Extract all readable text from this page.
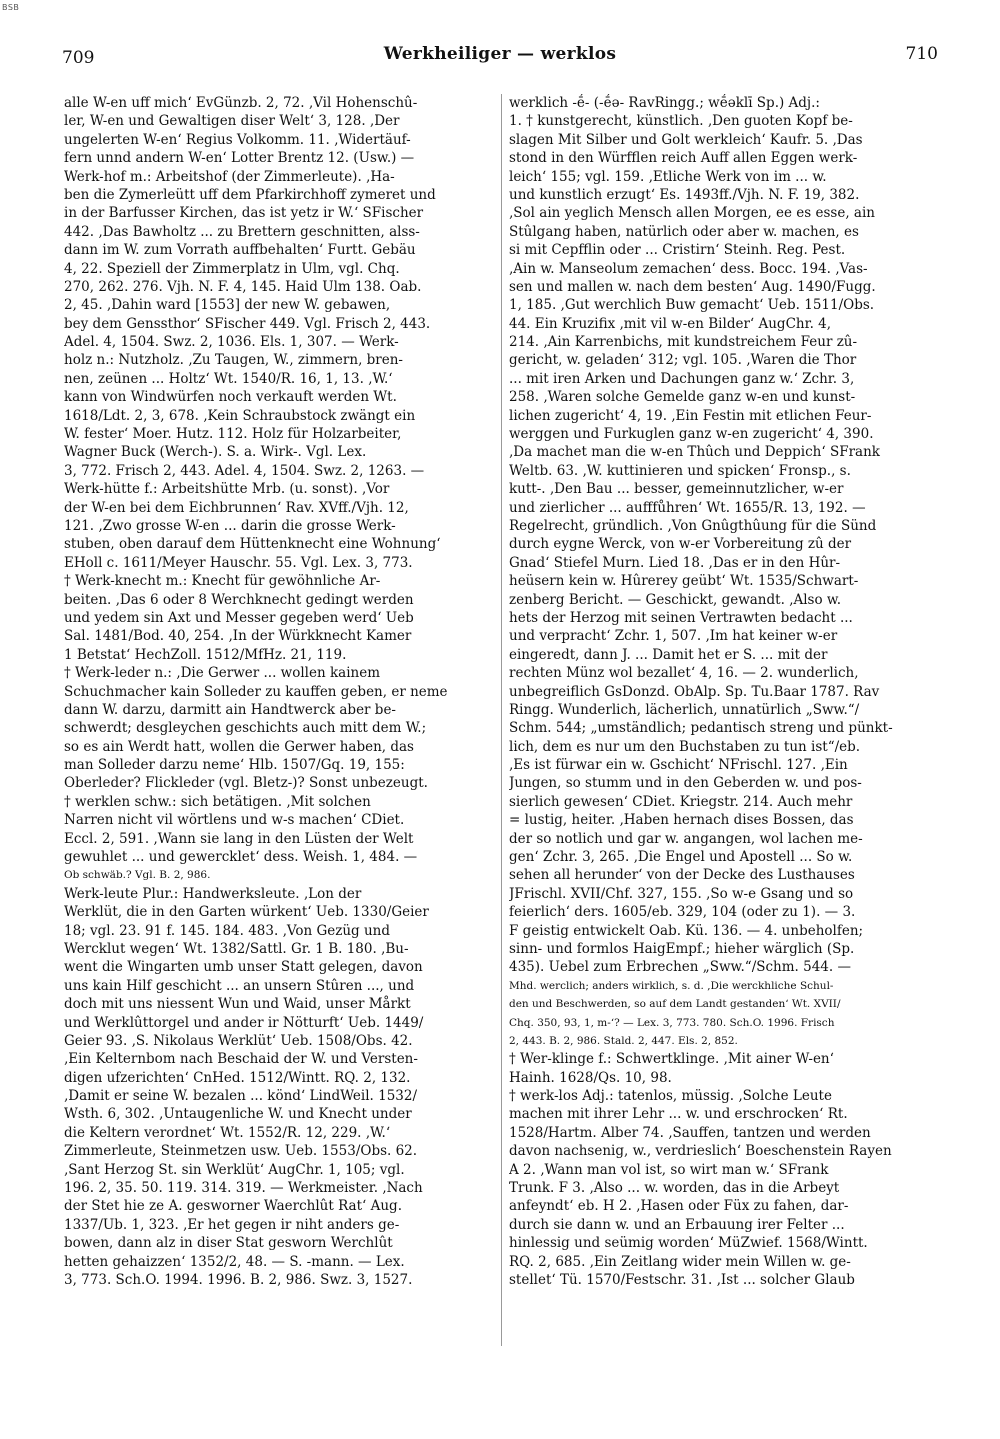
BSB
709	Werkheiliger — werklos	710
alle W-en uff mich‘ EvGünzb. 2, 72. ‚Vil Hohenschû-
ler, W-en und Gewaltigen diser Welt‘ 3, 128. ‚Der
ungelerten W-en‘ Regius Volkomm. 11. ‚Widertäuf-
fern unnd andern W-en‘ Lotter Brentz 12. (Usw.) —
Werk-hof m.: Arbeitshof (der Zimmerleute). ‚Ha-
ben die Zymerleütt uff dem Pfarkirchhoff zymeret und
in der Barfusser Kirchen, das ist yetz ir W.‘ SFischer
442. ‚Das Bawholtz ... zu Brettern geschnitten, alss-
dann im W. zum Vorrath auffbehalten‘ Furtt. Gebäu
4, 22. Speziell der Zimmerplatz in Ulm, vgl. Chq.
270, 262. 276. Vjh. N. F. 4, 145. Haid Ulm 138. Oab.
2, 45. ‚Dahin ward [1553] der new W. gebawen,
bey dem Genssthor‘ SFischer 449. Vgl. Frisch 2, 443.
Adel. 4, 1504. Swz. 2, 1036. Els. 1, 307. — Werk-
holz n.: Nutzholz. ‚Zu Taugen, W., zimmern, bren-
nen, zeünen ... Holtz‘ Wt. 1540/R. 16, 1, 13. ‚W.‘
kann von Windwürfen noch verkauft werden Wt.
1618/Ldt. 2, 3, 678. ‚Kein Schraubstock zwängt ein
W. fester‘ Moer. Hutz. 112. Holz für Holzarbeiter,
Wagner Buck (Werch-). S. a. Wirk-. Vgl. Lex.
3, 772. Frisch 2, 443. Adel. 4, 1504. Swz. 2, 1263. —
Werk-hütte f.: Arbeitshütte Mrb. (u. sonst). ‚Vor
der W-en bei dem Eichbrunnen‘ Rav. XVff./Vjh. 12,
121. ‚Zwo grosse W-en ... darin die grosse Werk-
stuben, oben darauf dem Hüttenknecht eine Wohnung‘
EHoll c. 1611/Meyer Hauschr. 55. Vgl. Lex. 3, 773.
† Werk-knecht m.: Knecht für gewöhnliche Ar-
beiten. ‚Das 6 oder 8 Werchknecht gedingt werden
und yedem sin Axt und Messer gegeben werd‘ Ueb
Sal. 1481/Bod. 40, 254. ‚In der Würkknecht Kamer
1 Betstat‘ HechZoll. 1512/MfHz. 21, 119.
† Werk-leder n.: ‚Die Gerwer ... wollen kainem
Schuchmacher kain Solleder zu kauffen geben, er neme
dann W. darzu, darmitt ain Handtwerck aber be-
schwerdt; desgleychen geschichts auch mitt dem W.;
so es ain Werdt hatt, wollen die Gerwer haben, das
man Solleder darzu neme‘ Hlb. 1507/Gq. 19, 155:
Oberleder? Flickleder (vgl. Bletz-)? Sonst unbezeugt.
† werklen schw.: sich betätigen. ‚Mit solchen
Narren nicht vil wörtlens und w-s machen‘ CDiet.
Eccl. 2, 591. ‚Wann sie lang in den Lüsten der Welt
gewuhlet ... und gewercklet‘ dess. Weish. 1, 484. —
Ob schwäb.? Vgl. B. 2, 986.
Werk-leute Plur.: Handwerksleute. ‚Lon der
Werklüt, die in den Garten würkent‘ Ueb. 1330/Geier
18; vgl. 23. 91 f. 145. 184. 483. ‚Von Gezüg und
Wercklut wegen‘ Wt. 1382/Sattl. Gr. 1 B. 180. ‚Bu-
went die Wingarten umb unser Statt gelegen, davon
uns kain Hilf geschicht ... an unsern Stûren ..., und
doch mit uns niessent Wun und Waid, unser Mårkt
und Werklûttorgel und ander ir Nötturft‘ Ueb. 1449/
Geier 93. ‚S. Nikolaus Werklüt‘ Ueb. 1508/Obs. 42.
‚Ein Kelternbom nach Beschaid der W. und Versten-
digen ufzerichten‘ CnHed. 1512/Wintt. RQ. 2, 132.
‚Damit er seine W. bezalen ... könd‘ LindWeil. 1532/
Wsth. 6, 302. ‚Untaugenliche W. und Knecht under
die Keltern verordnet‘ Wt. 1552/R. 12, 229. ‚W.‘
Zimmerleute, Steinmetzen usw. Ueb. 1553/Obs. 62.
‚Sant Herzog St. sin Werklüt‘ AugChr. 1, 105; vgl.
196. 2, 35. 50. 119. 314. 319. — Werkmeister. ‚Nach
der Stet hie ze A. gesworner Waerchlût Rat‘ Aug.
1337/Ub. 1, 323. ‚Er het gegen ir niht anders ge-
bowen, dann alz in diser Stat gesworn Werchlût
hetten gehaizzen‘ 1352/2, 48. — S. -mann. — Lex.
3, 773. Sch.O. 1994. 1996. B. 2, 986. Swz. 3, 1527.
werklich -ḗ- (-ḗə- RavRingg.; wḗəklī Sp.) Adj.:
1. † kunstgerecht, künstlich. ‚Den guoten Kopf be-
slagen Mit Silber und Golt werkleich‘ Kaufr. 5. ‚Das
stond in den Würfflen reich Auff allen Eggen werk-
leich‘ 155; vgl. 159. ‚Etliche Werk von im ... w.
und kunstlich erzugt‘ Es. 1493ff./Vjh. N. F. 19, 382.
‚Sol ain yeglich Mensch allen Morgen, ee es esse, ain
Stûlgang haben, natürlich oder aber w. machen, es
si mit Cepfflin oder ... Cristirn‘ Steinh. Reg. Pest.
‚Ain w. Manseolum zemachen‘ dess. Bocc. 194. ‚Vas-
sen und mallen w. nach dem besten‘ Aug. 1490/Fugg.
1, 185. ‚Gut werchlich Buw gemacht‘ Ueb. 1511/Obs.
44. Ein Kruzifix ‚mit vil w-en Bilder‘ AugChr. 4,
214. ‚Ain Karrenbichs, mit kundstreichem Feur zû-
gericht, w. geladen‘ 312; vgl. 105. ‚Waren die Thor
... mit iren Arken und Dachungen ganz w.‘ Zchr. 3,
258. ‚Waren solche Gemelde ganz w-en und kunst-
lichen zugericht‘ 4, 19. ‚Ein Festin mit etlichen Feur-
werggen und Furkuglen ganz w-en zugericht‘ 4, 390.
‚Da machet man die w-en Thûch und Deppich‘ SFrank
Weltb. 63. ‚W. kuttinieren und spicken‘ Fronsp., s.
kutt-. ‚Den Bau ... besser, gemeinnutzlicher, w-er
und zierlicher ... aufffůhren‘ Wt. 1655/R. 13, 192. —
Regelrecht, gründlich. ‚Von Gnûgthûung für die Sünd
durch eygne Werck, von w-er Vorbereitung zû der
Gnad‘ Stiefel Murn. Lied 18. ‚Das er in den Hûr-
heüsern kein w. Hûrerey geübt‘ Wt. 1535/Schwart-
zenberg Bericht. — Geschickt, gewandt. ‚Also w.
hets der Herzog mit seinen Vertrawten bedacht ...
und verpracht‘ Zchr. 1, 507. ‚Im hat keiner w-er
eingeredt, dann J. ... Damit het er S. ... mit der
rechten Münz wol bezallet‘ 4, 16. — 2. wunderlich,
unbegreiflich GsDonzd. ObAlp. Sp. Tu.Baar 1787. Rav
Ringg. Wunderlich, lächerlich, unnatürlich „Sww.“/
Schm. 544; „umständlich; pedantisch streng und pünkt-
lich, dem es nur um den Buchstaben zu tun ist“/eb.
‚Es ist fürwar ein w. Gschicht‘ NFrischl. 127. ‚Ein
Jungen, so stumm und in den Geberden w. und pos-
sierlich gewesen‘ CDiet. Kriegstr. 214. Auch mehr
= lustig, heiter. ‚Haben hernach dises Bossen, das
der so notlich und gar w. angangen, wol lachen me-
gen‘ Zchr. 3, 265. ‚Die Engel und Apostell ... So w.
sehen all herunder‘ von der Decke des Lusthauses
JFrischl. XVII/Chf. 327, 155. ‚So w-e Gsang und so
feierlich‘ ders. 1605/eb. 329, 104 (oder zu 1). — 3.
F geistig entwickelt Oab. Kü. 136. — 4. unbeholfen;
sinn- und formlos HaigEmpf.; hieher wärglich (Sp.
435). Uebel zum Erbrechen „Sww.“/Schm. 544. —
Mhd. werclich; anders wirklich, s. d. ‚Die werckhliche Schul-
den und Beschwerden, so auf dem Landt gestanden‘ Wt. XVII/
Chq. 350, 93, 1, m-‘? — Lex. 3, 773. 780. Sch.O. 1996. Frisch
2, 443. B. 2, 986. Stald. 2, 447. Els. 2, 852.
† Wer-klinge f.: Schwertklinge. ‚Mit ainer W-en‘
Hainh. 1628/Qs. 10, 98.
† werk-los Adj.: tatenlos, müssig. ‚Solche Leute
machen mit ihrer Lehr ... w. und erschrocken‘ Rt.
1528/Hartm. Alber 74. ‚Sauffen, tantzen und werden
davon nachsenig, w., verdrieslich‘ Boeschenstein Rayen
A 2. ‚Wann man vol ist, so wirt man w.‘ SFrank
Trunk. F 3. ‚Also ... w. worden, das in die Arbeyt
anfeyndt‘ eb. H 2. ‚Hasen oder Füx zu fahen, dar-
durch sie dann w. und an Erbauung irer Felter ...
hinlessig und seümig worden‘ MüZwief. 1568/Wintt.
RQ. 2, 685. ‚Ein Zeitlang wider mein Willen w. ge-
stellet‘ Tü. 1570/Festschr. 31. ‚Ist ... solcher Glaub
